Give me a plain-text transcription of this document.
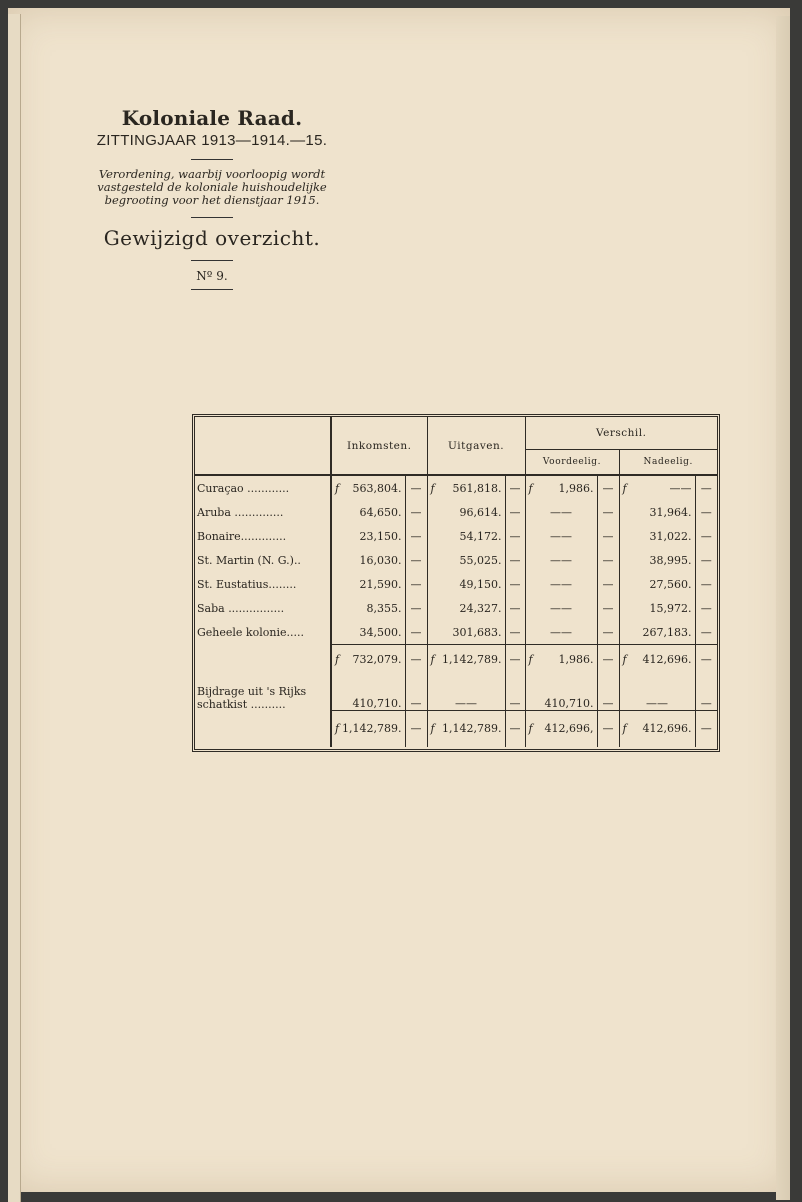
Koloniale Raad.
ZITTINGJAAR 1913—1914.—15.
Verordening, waarbij voorloopig wordt vastgesteld de koloniale huishoudelijke begrooting voor het dienstjaar 1915.
Gewijzigd overzicht.
Nº 9.
	Inkomsten.		Uitgaven.		Verschil.			
					Voordeelig.		Nadeelig.	
Curaçao ............	f 563,804.	—	f 561,818.	—	f 1,986.	—	f ——	—
Aruba ..............	64,650.	—	96,614.	—	——	—	31,964.	—
Bonaire.............	23,150.	—	54,172.	—	——	—	31,022.	—
St. Martin (N. G.)..	16,030.	—	55,025.	—	——	—	38,995.	—
St. Eustatius........	21,590.	—	49,150.	—	——	—	27,560.	—
Saba ................	8,355.	—	24,327.	—	——	—	15,972.	—
Geheele kolonie.....	34,500.	—	301,683.	—	——	—	267,183.	—

	f 732,079.	—	f 1,142,789.	—	f 1,986.	—	f 412,696.	—

Bijdrage uit 's Rijks
schatkist ..........	410,710.	—	——	—	410,710.	—	——	—

	f 1,142,789.	—	f 1,142,789.	—	f 412,696,	—	f 412,696.	—
